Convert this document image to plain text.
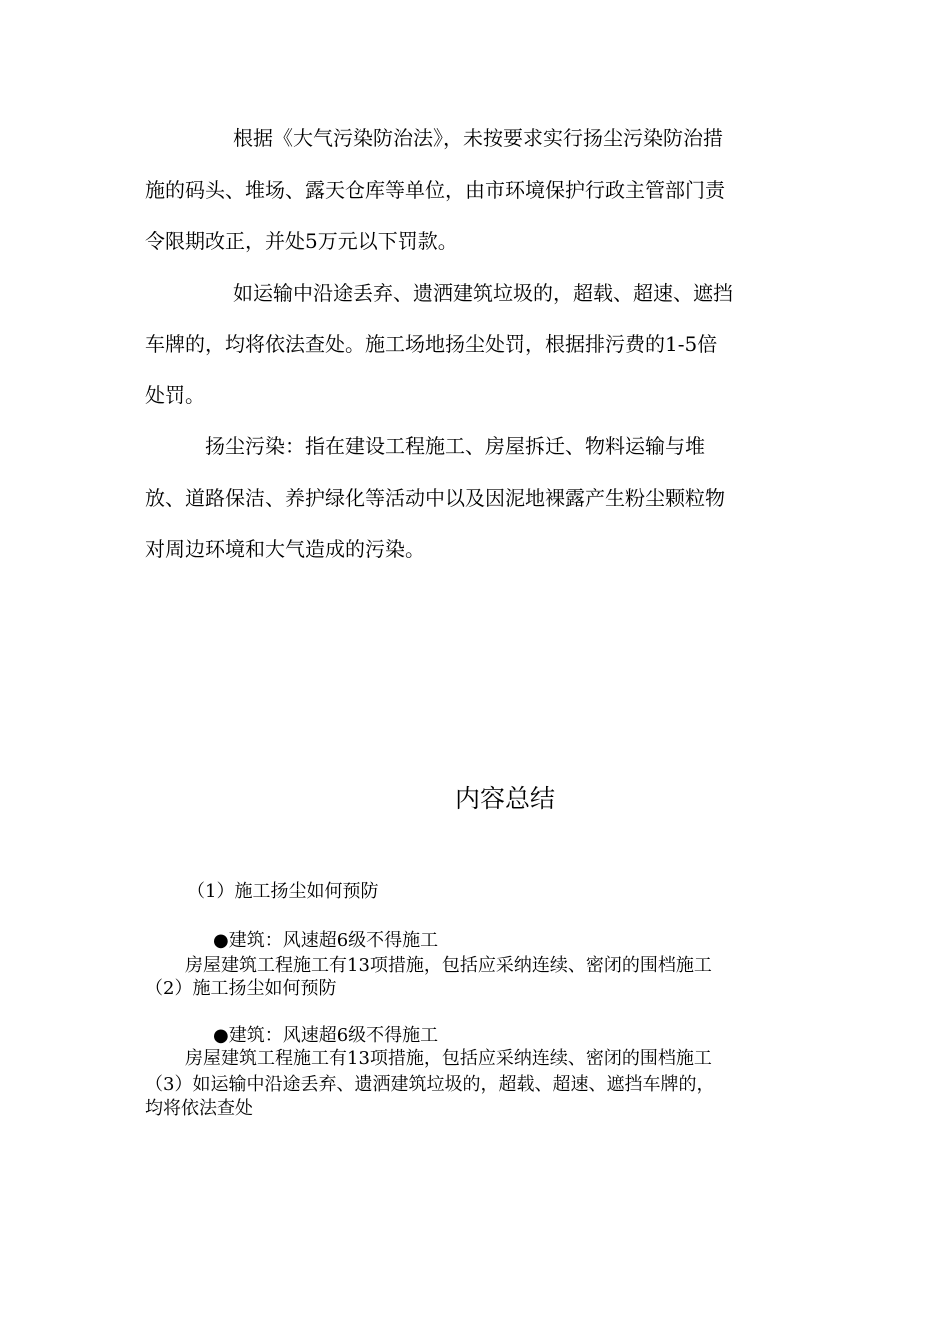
根据《大气污染防治法》，未按要求实行扬尘污染防治措
施的码头、堆场、露天仓库等单位，由市环境保护行政主管部门责
令限期改正，并处5万元以下罚款。
如运输中沿途丢弃、遗洒建筑垃圾的，超载、超速、遮挡
车牌的，均将依法查处。施工场地扬尘处罚，根据排污费的1-5倍
处罚。
扬尘污染：指在建设工程施工、房屋拆迁、物料运输与堆
放、道路保洁、养护绿化等活动中以及因泥地裸露产生粉尘颗粒物
对周边环境和大气造成的污染。
内容总结
（1）施工扬尘如何预防
●建筑：风速超6级不得施工
房屋建筑工程施工有13项措施，包括应采纳连续、密闭的围档施工
（2）施工扬尘如何预防
●建筑：风速超6级不得施工
房屋建筑工程施工有13项措施，包括应采纳连续、密闭的围档施工
（3）如运输中沿途丢弃、遗洒建筑垃圾的，超载、超速、遮挡车牌的，
均将依法查处
